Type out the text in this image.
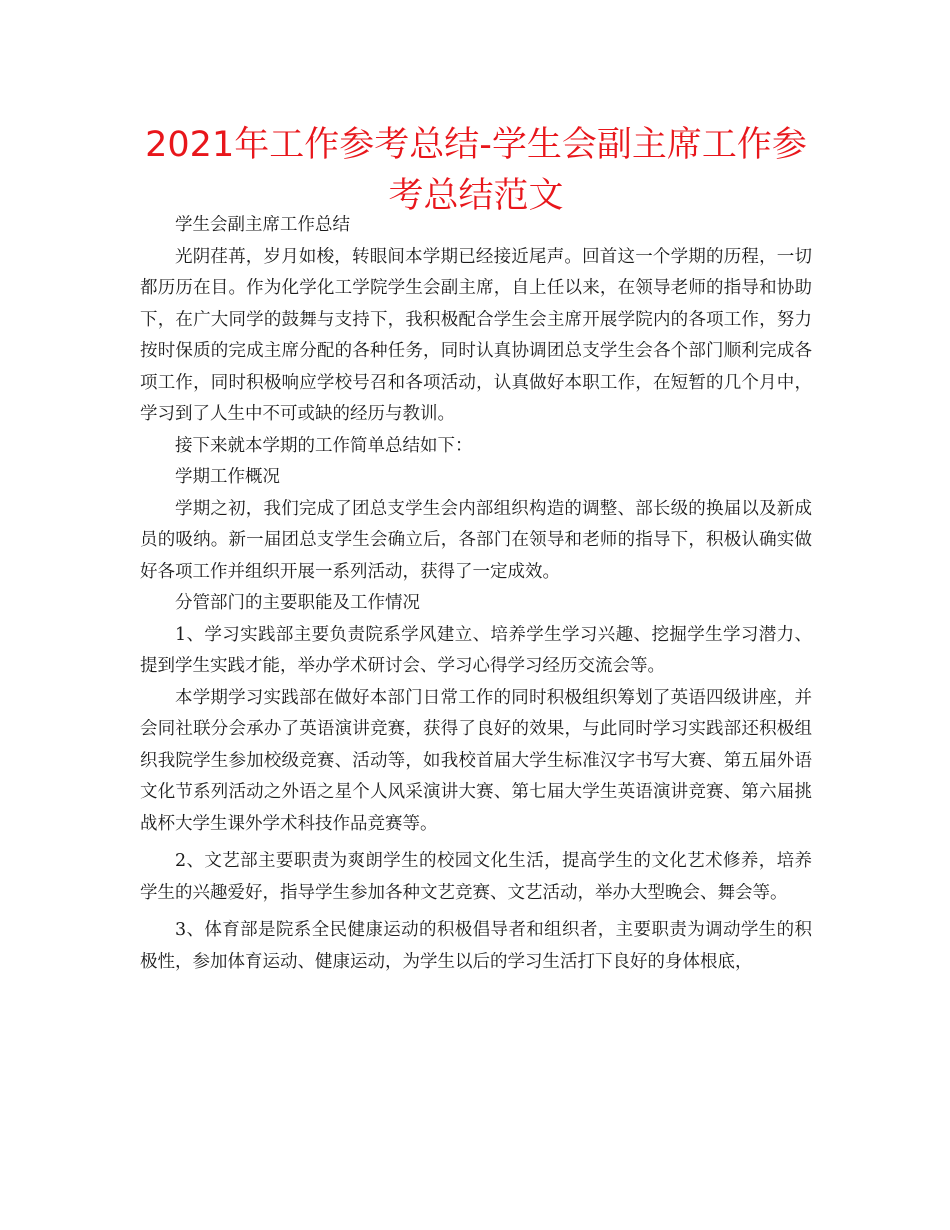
2021年工作参考总结-学生会副主席工作参考总结范文

学生会副主席工作总结

光阴荏苒，岁月如梭，转眼间本学期已经接近尾声。回首这一个学期的历程，一切都历历在目。作为化学化工学院学生会副主席，自上任以来，在领导老师的指导和协助下，在广大同学的鼓舞与支持下，我积极配合学生会主席开展学院内的各项工作，努力按时保质的完成主席分配的各种任务，同时认真协调团总支学生会各个部门顺利完成各项工作，同时积极响应学校号召和各项活动，认真做好本职工作，在短暂的几个月中，学习到了人生中不可或缺的经历与教训。

接下来就本学期的工作简单总结如下：

学期工作概况

学期之初，我们完成了团总支学生会内部组织构造的调整、部长级的换届以及新成员的吸纳。新一届团总支学生会确立后，各部门在领导和老师的指导下，积极认确实做好各项工作并组织开展一系列活动，获得了一定成效。

分管部门的主要职能及工作情况

1、学习实践部主要负责院系学风建立、培养学生学习兴趣、挖掘学生学习潜力、提到学生实践才能，举办学术研讨会、学习心得学习经历交流会等。

本学期学习实践部在做好本部门日常工作的同时积极组织筹划了英语四级讲座，并会同社联分会承办了英语演讲竞赛，获得了良好的效果，与此同时学习实践部还积极组织我院学生参加校级竞赛、活动等，如我校首届大学生标准汉字书写大赛、第五届外语文化节系列活动之外语之星个人风采演讲大赛、第七届大学生英语演讲竞赛、第六届挑战杯大学生课外学术科技作品竞赛等。

2、文艺部主要职责为爽朗学生的校园文化生活，提高学生的文化艺术修养，培养学生的兴趣爱好，指导学生参加各种文艺竞赛、文艺活动，举办大型晚会、舞会等。

3、体育部是院系全民健康运动的积极倡导者和组织者，主要职责为调动学生的积极性，参加体育运动、健康运动，为学生以后的学习生活打下良好的身体根底，
